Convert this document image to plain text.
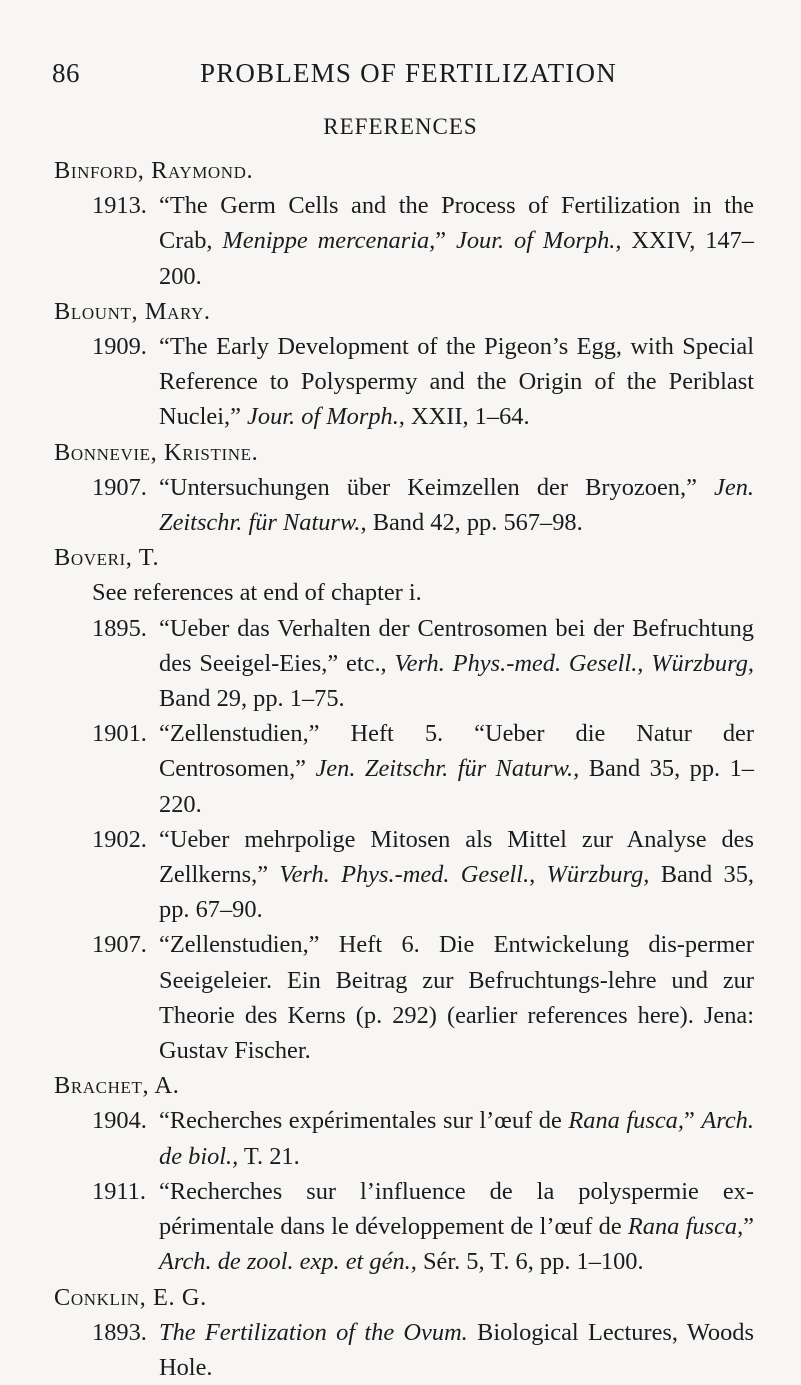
86	PROBLEMS OF FERTILIZATION
REFERENCES
Binford, Raymond.
1913. “The Germ Cells and the Process of Fertilization in the Crab, Menippe mercenaria,” Jour. of Morph., XXIV, 147–200.
Blount, Mary.
1909. “The Early Development of the Pigeon’s Egg, with Special Reference to Polyspermy and the Origin of the Periblast Nuclei,” Jour. of Morph., XXII, 1–64.
Bonnevie, Kristine.
1907. “Untersuchungen über Keimzellen der Bryozoen,” Jen. Zeitschr. für Naturw., Band 42, pp. 567–98.
Boveri, T.
See references at end of chapter i.
1895. “Ueber das Verhalten der Centrosomen bei der Befruchtung des Seeigel-Eies,” etc., Verh. Phys.-med. Gesell., Würzburg, Band 29, pp. 1–75.
1901. “Zellenstudien,” Heft 5. “Ueber die Natur der Centrosomen,” Jen. Zeitschr. für Naturw., Band 35, pp. 1–220.
1902. “Ueber mehrpolige Mitosen als Mittel zur Analyse des Zellkerns,” Verh. Phys.-med. Gesell., Würzburg, Band 35, pp. 67–90.
1907. “Zellenstudien,” Heft 6. Die Entwickelung dis-permer Seeigeleier. Ein Beitrag zur Befruchtungs-lehre und zur Theorie des Kerns (p. 292) (earlier references here). Jena: Gustav Fischer.
Brachet, A.
1904. “Recherches expérimentales sur l’œuf de Rana fusca,” Arch. de biol., T. 21.
1911. “Recherches sur l’influence de la polyspermie ex-périmentale dans le développement de l’œuf de Rana fusca,” Arch. de zool. exp. et gén., Sér. 5, T. 6, pp. 1–100.
Conklin, E. G.
1893. The Fertilization of the Ovum. Biological Lectures, Woods Hole.
